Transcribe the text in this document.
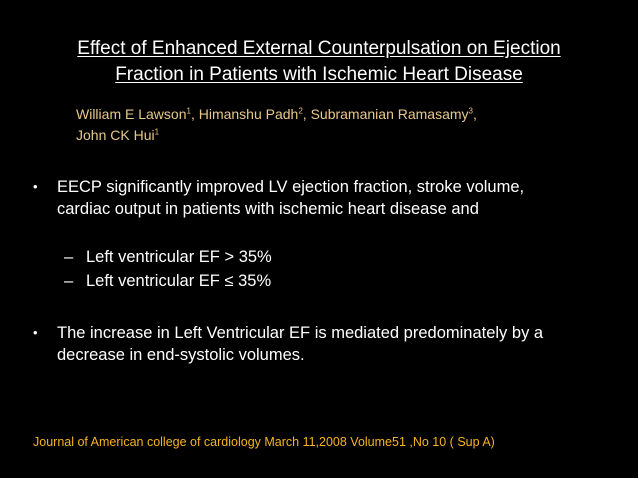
Effect of Enhanced External Counterpulsation on Ejection
Fraction in Patients with Ischemic Heart Disease
William E Lawson$^1$, Himanshu Padh$^2$, Subramanian Ramasamy$^3$,
John CK Hui$^1$
• EECP significantly improved LV ejection fraction, stroke volume,
cardiac output in patients with ischemic heart disease and
– Left ventricular EF > 35%
– Left ventricular EF ≤ 35%
• The increase in Left Ventricular EF is mediated predominately by a
decrease in end-systolic volumes.
Journal of American college of cardiology March 11,2008 Volume51 ,No 10 ( Sup A)
